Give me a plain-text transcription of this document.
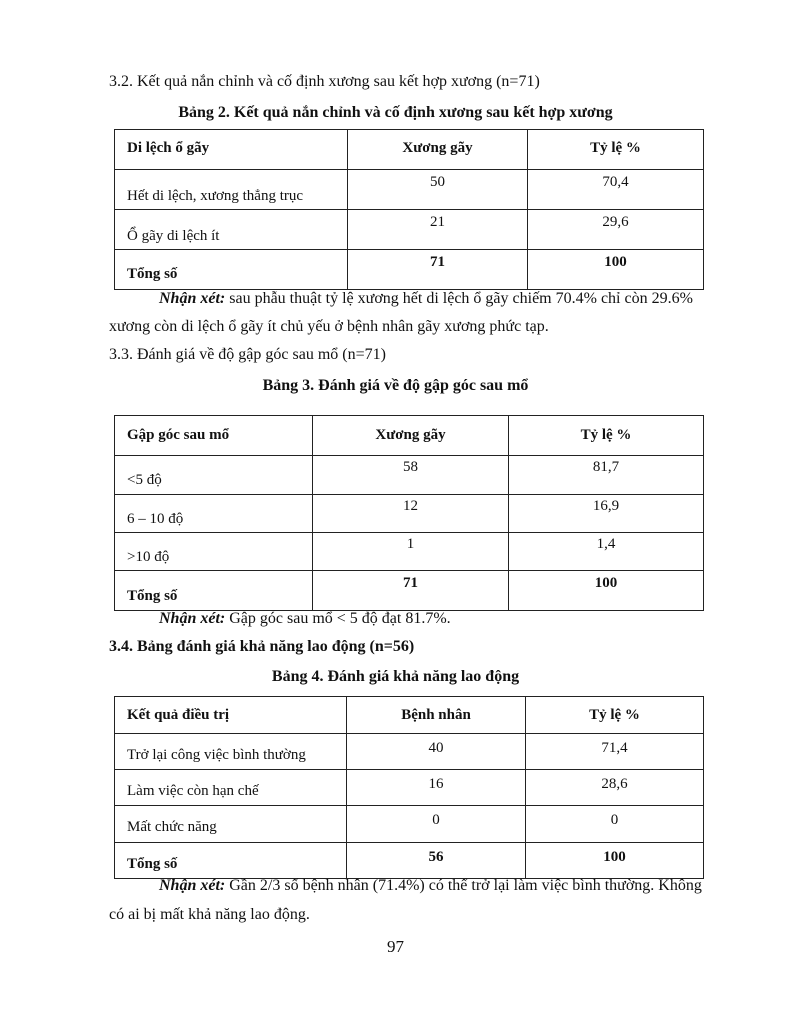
3.2. Kết quả nắn chỉnh và cố định xương sau kết hợp xương (n=71)
Bảng 2. Kết quả nắn chỉnh và cố định xương sau kết hợp xương
Di lệch ổ gãy	Xương gãy	Tỷ lệ %

Hết di lệch, xương thẳng trục	50	70,4

Ổ gãy di lệch ít	21	29,6

Tổng số	71	100
Nhận xét: sau phẫu thuật tỷ lệ xương hết di lệch ổ gãy chiếm 70.4% chỉ còn 29.6%
xương còn di lệch ổ gãy ít chủ yếu ở bệnh nhân gãy xương phức tạp.
3.3. Đánh giá về độ gập góc sau mổ (n=71)
Bảng 3. Đánh giá về độ gập góc sau mổ
Gập góc sau mổ	Xương gãy	Tỷ lệ %

<5 độ	58	81,7

6 – 10 độ	12	16,9

>10 độ	1	1,4

Tổng số	71	100
Nhận xét: Gập góc sau mổ < 5 độ đạt 81.7%.
3.4. Bảng đánh giá khả năng lao động (n=56)
Bảng 4. Đánh giá khả năng lao động
Kết quả điều trị	Bệnh nhân	Tỷ lệ %

Trở lại công việc bình thường	40	71,4

Làm việc còn hạn chế	16	28,6

Mất chức năng	0	0

Tổng số	56	100
Nhận xét: Gần 2/3 số bệnh nhân (71.4%) có thể trở lại làm việc bình thường. Không
có ai bị mất khả năng lao động.
97
